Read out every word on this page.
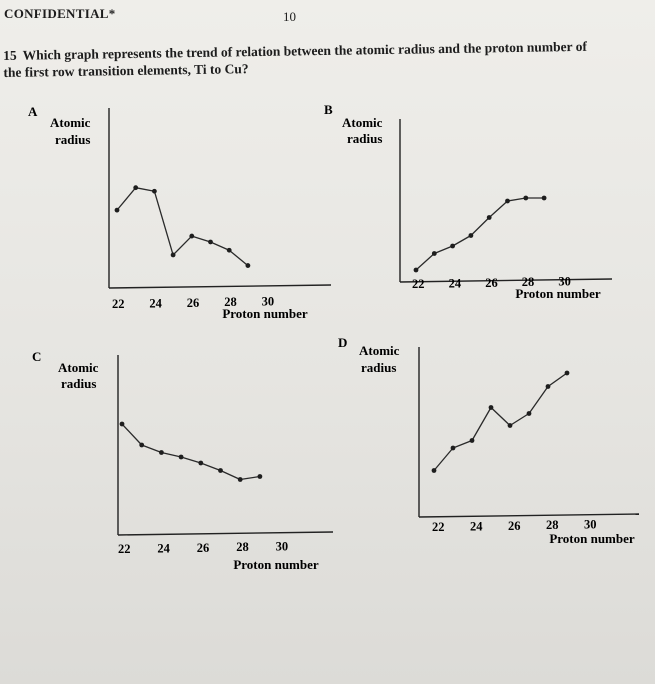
CONFIDENTIAL*	10
15 Which graph represents the trend of relation between the atomic radius and the proton number of the first row transition elements, Ti to Cu?
A
Atomic
radius
22 24 26 28 30
Proton number
B
Atomic
radius
22 24 26 28 30
Proton number
C
Atomic
radius
22 24 26 28 30
Proton number
D
Atomic
radius
22 24 26 28 30
Proton number
